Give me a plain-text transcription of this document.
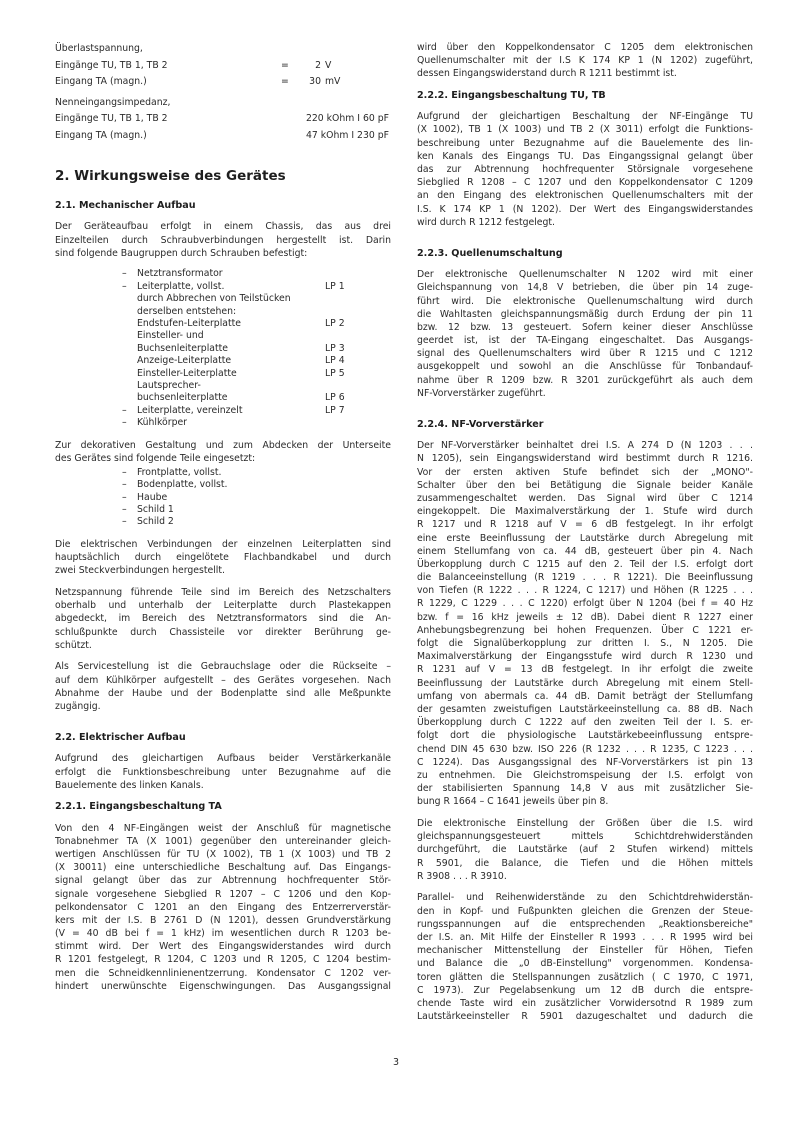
Überlastspannung,
Eingänge TU, TB 1, TB 2	=	2 V
Eingang TA (magn.)	= 30 mV
Nenneingangsimpedanz,
Eingänge TU, TB 1, TB 2	220 kOhm I 60 pF
Eingang TA (magn.)	47 kOhm I 230 pF
2. Wirkungsweise des Gerätes
2.1. Mechanischer Aufbau
Der Geräteaufbau erfolgt in einem Chassis, das aus drei
Einzelteilen durch Schraubverbindungen hergestellt ist. Darin
sind folgende Baugruppen durch Schrauben befestigt:
– Netztransformator
– Leiterplatte, vollst.	LP 1
durch Abbrechen von Teilstücken
derselben entstehen:
Endstufen-Leiterplatte	LP 2
Einsteller- und
Buchsenleiterplatte	LP 3
Anzeige-Leiterplatte	LP 4
Einsteller-Leiterplatte	LP 5
Lautsprecher-
buchsenleiterplatte	LP 6
– Leiterplatte, vereinzelt	LP 7
– Kühlkörper
Zur dekorativen Gestaltung und zum Abdecken der Unterseite
des Gerätes sind folgende Teile eingesetzt:
– Frontplatte, vollst.
– Bodenplatte, vollst.
– Haube
– Schild 1
– Schild 2
Die elektrischen Verbindungen der einzelnen Leiterplatten sind
hauptsächlich durch eingelötete Flachbandkabel und durch
zwei Steckverbindungen hergestellt.
Netzspannung führende Teile sind im Bereich des Netzschalters
oberhalb und unterhalb der Leiterplatte durch Plastekappen
abgedeckt, im Bereich des Netztransformators sind die An-
schlußpunkte durch Chassisteile vor direkter Berührung ge-
schützt.
Als Servicestellung ist die Gebrauchslage oder die Rückseite –
auf dem Kühlkörper aufgestellt – des Gerätes vorgesehen. Nach
Abnahme der Haube und der Bodenplatte sind alle Meßpunkte
zugängig.
2.2. Elektrischer Aufbau
Aufgrund des gleichartigen Aufbaus beider Verstärkerkanäle
erfolgt die Funktionsbeschreibung unter Bezugnahme auf die
Bauelemente des linken Kanals.
2.2.1. Eingangsbeschaltung TA
Von den 4 NF-Eingängen weist der Anschluß für magnetische
Tonabnehmer TA (X 1001) gegenüber den untereinander gleich-
wertigen Anschlüssen für TU (X 1002), TB 1 (X 1003) und TB 2
(X 30011) eine unterschiedliche Beschaltung auf. Das Eingangs-
signal gelangt über das zur Abtrennung hochfrequenter Stör-
signale vorgesehene Siebglied R 1207 – C 1206 und den Kop-
pelkondensator C 1201 an den Eingang des Entzerrerverstär-
kers mit der I.S. B 2761 D (N 1201), dessen Grundverstärkung
(V = 40 dB bei f = 1 kHz) im wesentlichen durch R 1203 be-
stimmt wird. Der Wert des Eingangswiderstandes wird durch
R 1201 festgelegt, R 1204, C 1203 und R 1205, C 1204 bestim-
men die Schneidkennlinienentzerrung. Kondensator C 1202 ver-
hindert unerwünschte Eigenschwingungen. Das Ausgangssignal
wird über den Koppelkondensator C 1205 dem elektronischen
Quellenumschalter mit der I.S K 174 KP 1 (N 1202) zugeführt,
dessen Eingangswiderstand durch R 1211 bestimmt ist.
2.2.2. Eingangsbeschaltung TU, TB
Aufgrund der gleichartigen Beschaltung der NF-Eingänge TU
(X 1002), TB 1 (X 1003) und TB 2 (X 3011) erfolgt die Funktions-
beschreibung unter Bezugnahme auf die Bauelemente des lin-
ken Kanals des Eingangs TU. Das Eingangssignal gelangt über
das zur Abtrennung hochfrequenter Störsignale vorgesehene
Siebglied R 1208 – C 1207 und den Koppelkondensator C 1209
an den Eingang des elektronischen Quellenumschalters mit der
I.S. K 174 KP 1 (N 1202). Der Wert des Eingangswiderstandes
wird durch R 1212 festgelegt.
2.2.3. Quellenumschaltung
Der elektronische Quellenumschalter N 1202 wird mit einer
Gleichspannung von 14,8 V betrieben, die über pin 14 zuge-
führt wird. Die elektronische Quellenumschaltung wird durch
die Wahltasten gleichspannungsmäßig durch Erdung der pin 11
bzw. 12 bzw. 13 gesteuert. Sofern keiner dieser Anschlüsse
geerdet ist, ist der TA-Eingang eingeschaltet. Das Ausgangs-
signal des Quellenumschalters wird über R 1215 und C 1212
ausgekoppelt und sowohl an die Anschlüsse für Tonbandauf-
nahme über R 1209 bzw. R 3201 zurückgeführt als auch dem
NF-Vorverstärker zugeführt.
2.2.4. NF-Vorverstärker
Der NF-Vorverstärker beinhaltet drei I.S. A 274 D (N 1203 . . .
N 1205), sein Eingangswiderstand wird bestimmt durch R 1216.
Vor der ersten aktiven Stufe befindet sich der „MONO"-
Schalter über den bei Betätigung die Signale beider Kanäle
zusammengeschaltet werden. Das Signal wird über C 1214
eingekoppelt. Die Maximalverstärkung der 1. Stufe wird durch
R 1217 und R 1218 auf V = 6 dB festgelegt. In ihr erfolgt
eine erste Beeinflussung der Lautstärke durch Abregelung mit
einem Stellumfang von ca. 44 dB, gesteuert über pin 4. Nach
Überkopplung durch C 1215 auf den 2. Teil der I.S. erfolgt dort
die Balanceeinstellung (R 1219 . . . R 1221). Die Beeinflussung
von Tiefen (R 1222 . . . R 1224, C 1217) und Höhen (R 1225 . . .
R 1229, C 1229 . . . C 1220) erfolgt über N 1204 (bei f = 40 Hz
bzw. f = 16 kHz jeweils ± 12 dB). Dabei dient R 1227 einer
Anhebungsbegrenzung bei hohen Frequenzen. Über C 1221 er-
folgt die Signalüberkopplung zur dritten I. S., N 1205. Die
Maximalverstärkung der Eingangsstufe wird durch R 1230 und
R 1231 auf V = 13 dB festgelegt. In ihr erfolgt die zweite
Beeinflussung der Lautstärke durch Abregelung mit einem Stell-
umfang von abermals ca. 44 dB. Damit beträgt der Stellumfang
der gesamten zweistufigen Lautstärkeeinstellung ca. 88 dB. Nach
Überkopplung durch C 1222 auf den zweiten Teil der I. S. er-
folgt dort die physiologische Lautstärkebeeinflussung entspre-
chend DIN 45 630 bzw. ISO 226 (R 1232 . . . R 1235, C 1223 . . .
C 1224). Das Ausgangssignal des NF-Vorverstärkers ist pin 13
zu entnehmen. Die Gleichstromspeisung der I.S. erfolgt von
der stabilisierten Spannung 14,8 V aus mit zusätzlicher Sie-
bung R 1664 – C 1641 jeweils über pin 8.
Die elektronische Einstellung der Größen über die I.S. wird
gleichspannungsgesteuert mittels Schichtdrehwiderständen
durchgeführt, die Lautstärke (auf 2 Stufen wirkend) mittels
R 5901, die Balance, die Tiefen und die Höhen mittels
R 3908 . . . R 3910.
Parallel- und Reihenwiderstände zu den Schichtdrehwiderstän-
den in Kopf- und Fußpunkten gleichen die Grenzen der Steue-
rungsspannungen auf die entsprechenden „Reaktionsbereiche"
der I.S. an. Mit Hilfe der Einsteller R 1993 . . . R 1995 wird bei
mechanischer Mittenstellung der Einsteller für Höhen, Tiefen
und Balance die „0 dB-Einstellung" vorgenommen. Kondensa-
toren glätten die Stellspannungen zusätzlich ( C 1970, C 1971,
C 1973). Zur Pegelabsenkung um 12 dB durch die entspre-
chende Taste wird ein zusätzlicher Vorwidersotnd R 1989 zum
Lautstärkeeinsteller R 5901 dazugeschaltet und dadurch die
3
